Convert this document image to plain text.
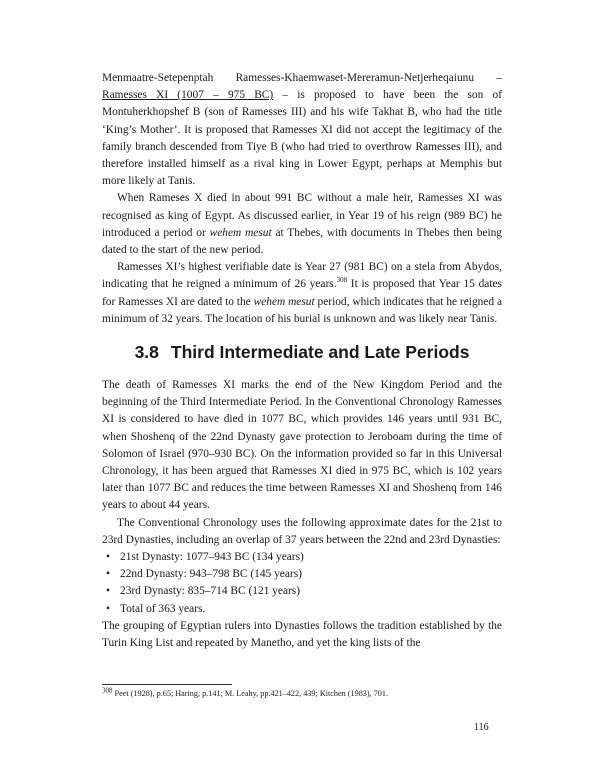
Menmaatre-Setepenptah Ramesses-Khaemwaset-Mereramun-Netjerheqaiunu – Ramesses XI (1007 – 975 BC) – is proposed to have been the son of Montuherkhopshef B (son of Ramesses III) and his wife Takhat B, who had the title ‘King’s Mother’. It is proposed that Ramesses XI did not accept the legitimacy of the family branch descended from Tiye B (who had tried to overthrow Ramesses III), and therefore installed himself as a rival king in Lower Egypt, perhaps at Memphis but more likely at Tanis.

When Rameses X died in about 991 BC without a male heir, Ramesses XI was recognised as king of Egypt. As discussed earlier, in Year 19 of his reign (989 BC) he introduced a period or wehem mesut at Thebes, with documents in Thebes then being dated to the start of the new period.

Ramesses XI’s highest verifiable date is Year 27 (981 BC) on a stela from Abydos, indicating that he reigned a minimum of 26 years.$^{308}$ It is proposed that Year 15 dates for Ramesses XI are dated to the wehem mesut period, which indicates that he reigned a minimum of 32 years. The location of his burial is unknown and was likely near Tanis.

3.8 Third Intermediate and Late Periods

The death of Ramesses XI marks the end of the New Kingdom Period and the beginning of the Third Intermediate Period. In the Conventional Chronology Ramesses XI is considered to have died in 1077 BC, which provides 146 years until 931 BC, when Shoshenq of the 22nd Dynasty gave protection to Jeroboam during the time of Solomon of Israel (970–930 BC). On the information provided so far in this Universal Chronology, it has been argued that Ramesses XI died in 975 BC, which is 102 years later than 1077 BC and reduces the time between Ramesses XI and Shoshenq from 146 years to about 44 years.

The Conventional Chronology uses the following approximate dates for the 21st to 23rd Dynasties, including an overlap of 37 years between the 22nd and 23rd Dynasties:

• 21st Dynasty: 1077–943 BC (134 years)
• 22nd Dynasty: 943–798 BC (145 years)
• 23rd Dynasty: 835–714 BC (121 years)
• Total of 363 years.

The grouping of Egyptian rulers into Dynasties follows the tradition established by the Turin King List and repeated by Manetho, and yet the king lists of the

$^{308}$ Peet (1928), p.65; Haring, p.141; M. Leahy, pp.421–422, 439; Kitchen (1983), 701.
116
